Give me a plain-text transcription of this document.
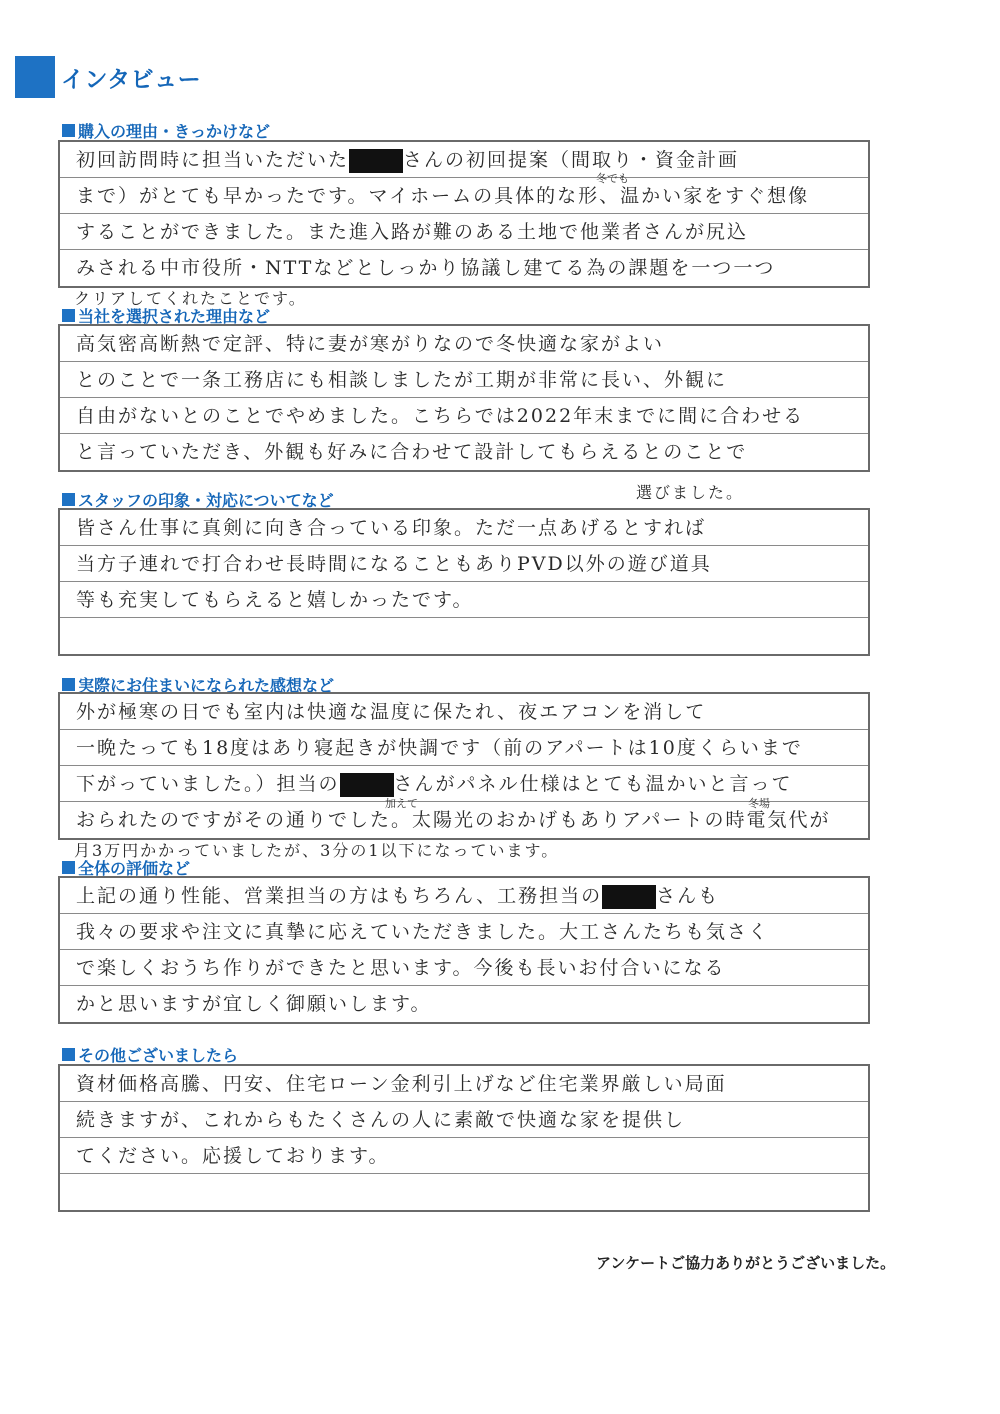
インタビュー
購入の理由・きっかけなど
初回訪問時に担当いただいた	さんの初回提案（間取り・資金計画
まで）がとても早かったです。マイホームの具体的な形、温かい家をすぐ想像
することができました。また進入路が難のある土地で他業者さんが尻込
みされる中市役所・NTTなどとしっかり協議し建てる為の課題を一つ一つ
冬でも
クリアしてくれたことです。
当社を選択された理由など
高気密高断熱で定評、特に妻が寒がりなので冬快適な家がよい
とのことで一条工務店にも相談しましたが工期が非常に長い、外観に
自由がないとのことでやめました。こちらでは2022年末までに間に合わせる
と言っていただき、外観も好みに合わせて設計してもらえるとのことで
選びました。
スタッフの印象・対応についてなど
皆さん仕事に真剣に向き合っている印象。ただ一点あげるとすれば
当方子連れで打合わせ長時間になることもありPVD以外の遊び道具
等も充実してもらえると嬉しかったです。
実際にお住まいになられた感想など
外が極寒の日でも室内は快適な温度に保たれ、夜エアコンを消して
一晩たっても18度はあり寝起きが快調です（前のアパートは10度くらいまで
下がっていました。）担当の	さんがパネル仕様はとても温かいと言って
おられたのですがその通りでした。太陽光のおかげもありアパートの時電気代が
加えて	冬場
月3万円かかっていましたが、3分の1以下になっています。
全体の評価など
上記の通り性能、営業担当の方はもちろん、工務担当の	さんも
我々の要求や注文に真摯に応えていただきました。大工さんたちも気さく
で楽しくおうち作りができたと思います。今後も長いお付合いになる
かと思いますが宜しく御願いします。
その他ございましたら
資材価格高騰、円安、住宅ローン金利引上げなど住宅業界厳しい局面
続きますが、これからもたくさんの人に素敵で快適な家を提供し
てください。応援しております。
アンケートご協力ありがとうございました。
